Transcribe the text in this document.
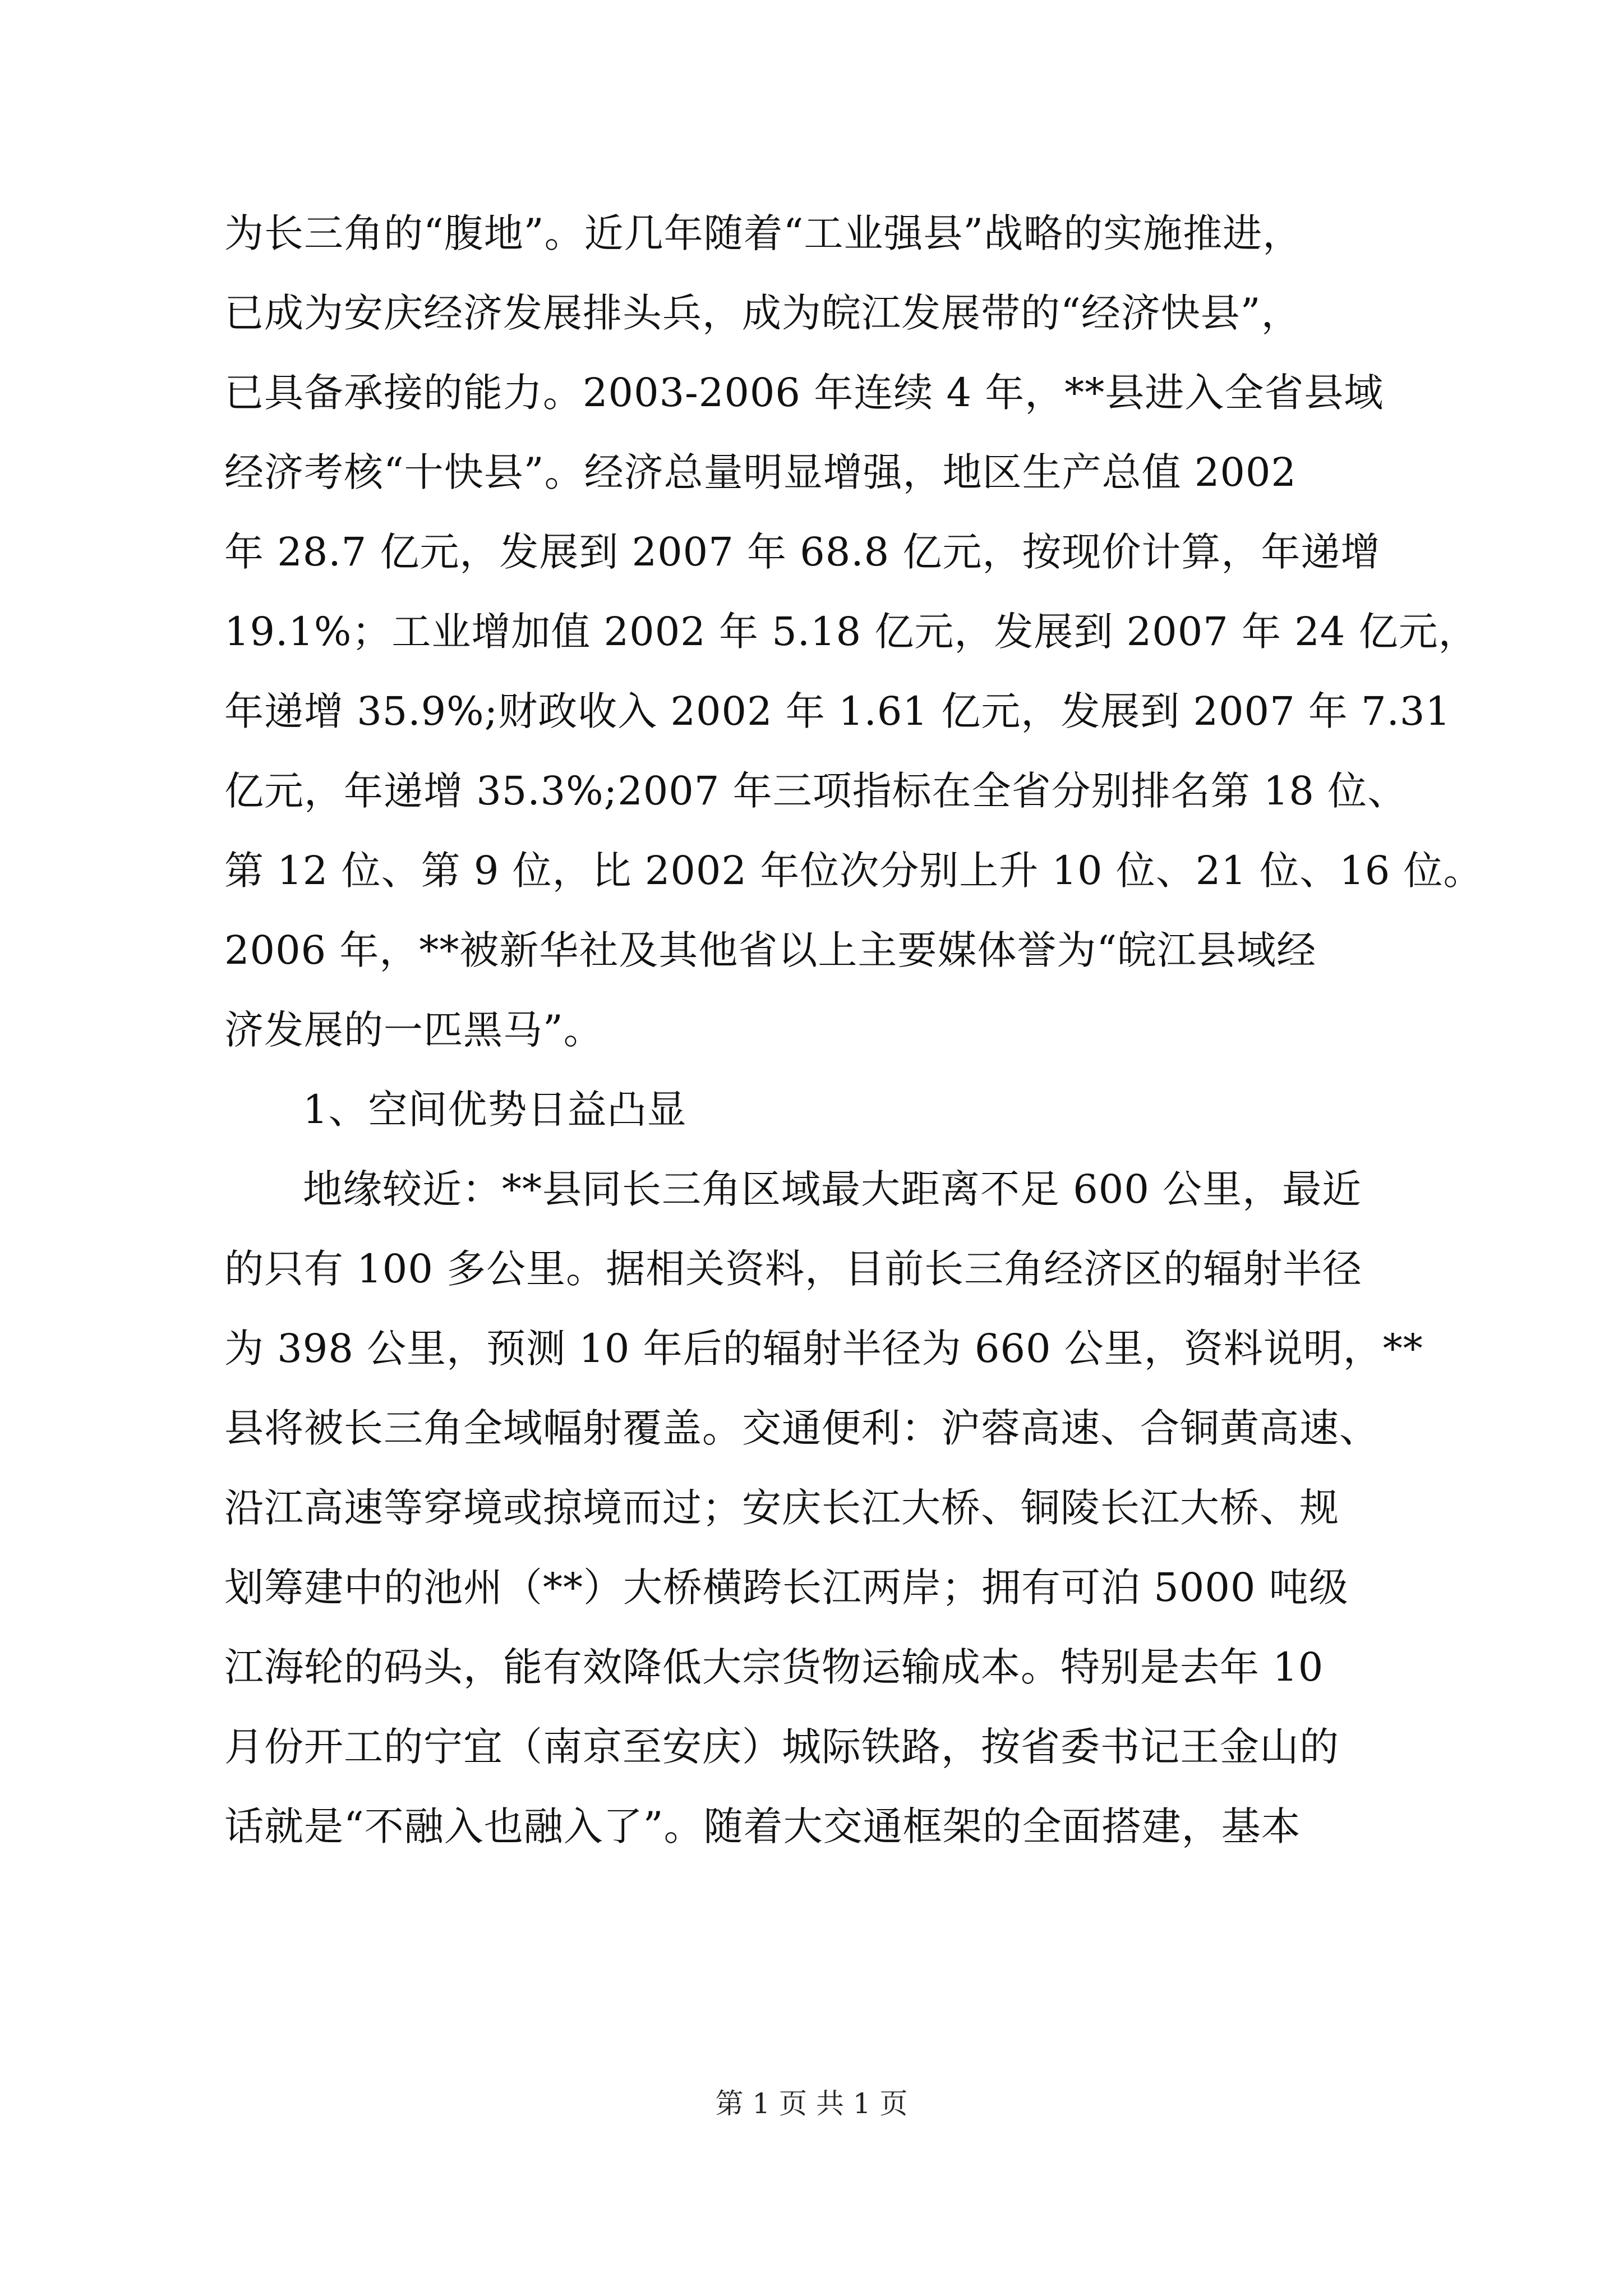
为长三角的“腹地”。近几年随着“工业强县”战略的实施推进，
已成为安庆经济发展排头兵，成为皖江发展带的“经济快县”，
已具备承接的能力。2003-2006 年连续 4 年，**县进入全省县域
经济考核“十快县”。经济总量明显增强，地区生产总值 2002
年 28.7 亿元，发展到 2007 年 68.8 亿元，按现价计算，年递增
19.1%；工业增加值 2002 年 5.18 亿元，发展到 2007 年 24 亿元，
年递增 35.9%;财政收入 2002 年 1.61 亿元，发展到 2007 年 7.31
亿元，年递增 35.3%;2007 年三项指标在全省分别排名第 18 位、
第 12 位、第 9 位，比 2002 年位次分别上升 10 位、21 位、16 位。
2006 年，**被新华社及其他省以上主要媒体誉为“皖江县域经
济发展的一匹黑马”。
1、空间优势日益凸显
地缘较近：**县同长三角区域最大距离不足 600 公里，最近
的只有 100 多公里。据相关资料，目前长三角经济区的辐射半径
为 398 公里，预测 10 年后的辐射半径为 660 公里，资料说明，**
县将被长三角全域幅射覆盖。交通便利：沪蓉高速、合铜黄高速、
沿江高速等穿境或掠境而过；安庆长江大桥、铜陵长江大桥、规
划筹建中的池州（**）大桥横跨长江两岸；拥有可泊 5000 吨级
江海轮的码头，能有效降低大宗货物运输成本。特别是去年 10
月份开工的宁宜（南京至安庆）城际铁路，按省委书记王金山的
话就是“不融入也融入了”。随着大交通框架的全面搭建，基本
第 1 页 共 1 页
